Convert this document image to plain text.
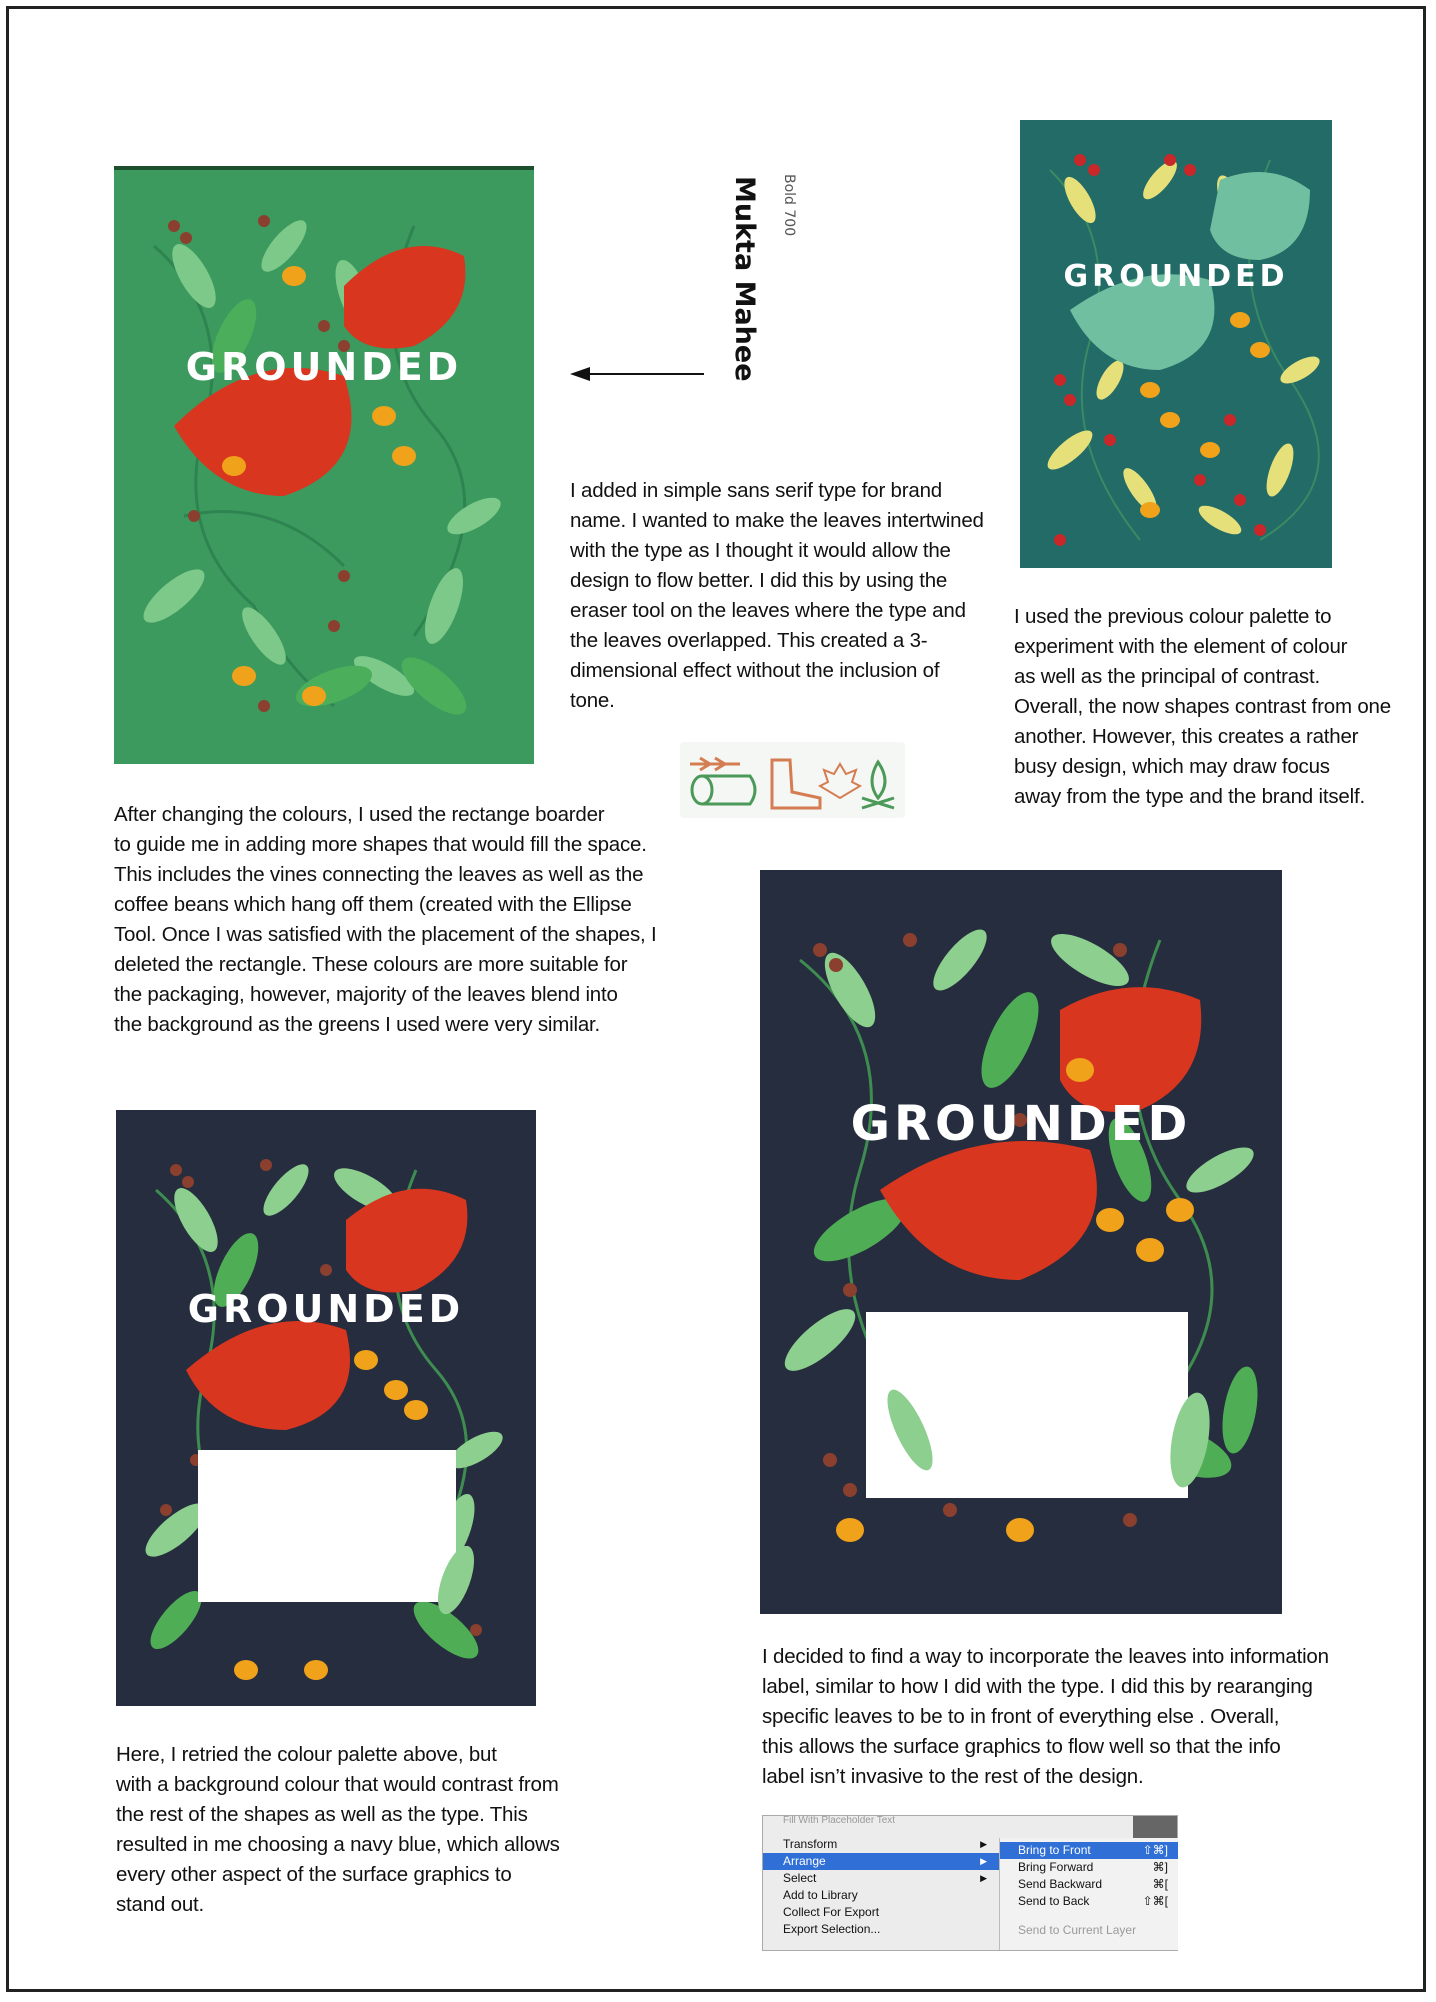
GROUNDED	Mukta Mahee Bold 700

I added in simple sans serif type for brand

name. I wanted to make the leaves intertwined

with the type as I thought it would allow the

design to flow better. I did this by using the

eraser tool on the leaves where the type and

the leaves overlapped. This created a 3-

dimensional effect without the inclusion of

tone.

GROUNDED

I used the previous colour palette to

experiment with the element of colour

as well as the principal of contrast.

Overall, the now shapes contrast from one

another. However, this creates a rather

busy design, which may draw focus

away from the type and the brand itself.

After changing the colours, I used the rectange boarder

to guide me in adding more shapes that would fill the space.

This includes the vines connecting the leaves as well as the

coffee beans which hang off them (created with the Ellipse

Tool. Once I was satisfied with the placement of the shapes, I

deleted the rectangle. These colours are more suitable for

the packaging, however, majority of the leaves blend into

the background as the greens I used were very similar.

GROUNDED
GROUNDED

I decided to find a way to incorporate the leaves into information

label, similar to how I did with the type. I did this by rearanging

specific leaves to be to in front of everything else . Overall,

this allows the surface graphics to flow well so that the info

label isn’t invasive to the rest of the design.

Here, I retried the colour palette above, but

with a background colour that would contrast from

the rest of the shapes as well as the type. This

resulted in me choosing a navy blue, which allows

every other aspect of the surface graphics to

stand out.

Fill With Placeholder Text
Transform	▶
Arrange	▶
Select	▶
Add to Library
Collect For Export
Export Selection...
Bring to Front	⇧⌘]
Bring Forward	⌘]
Send Backward	⌘[
Send to Back	⇧⌘[
Send to Current Layer
